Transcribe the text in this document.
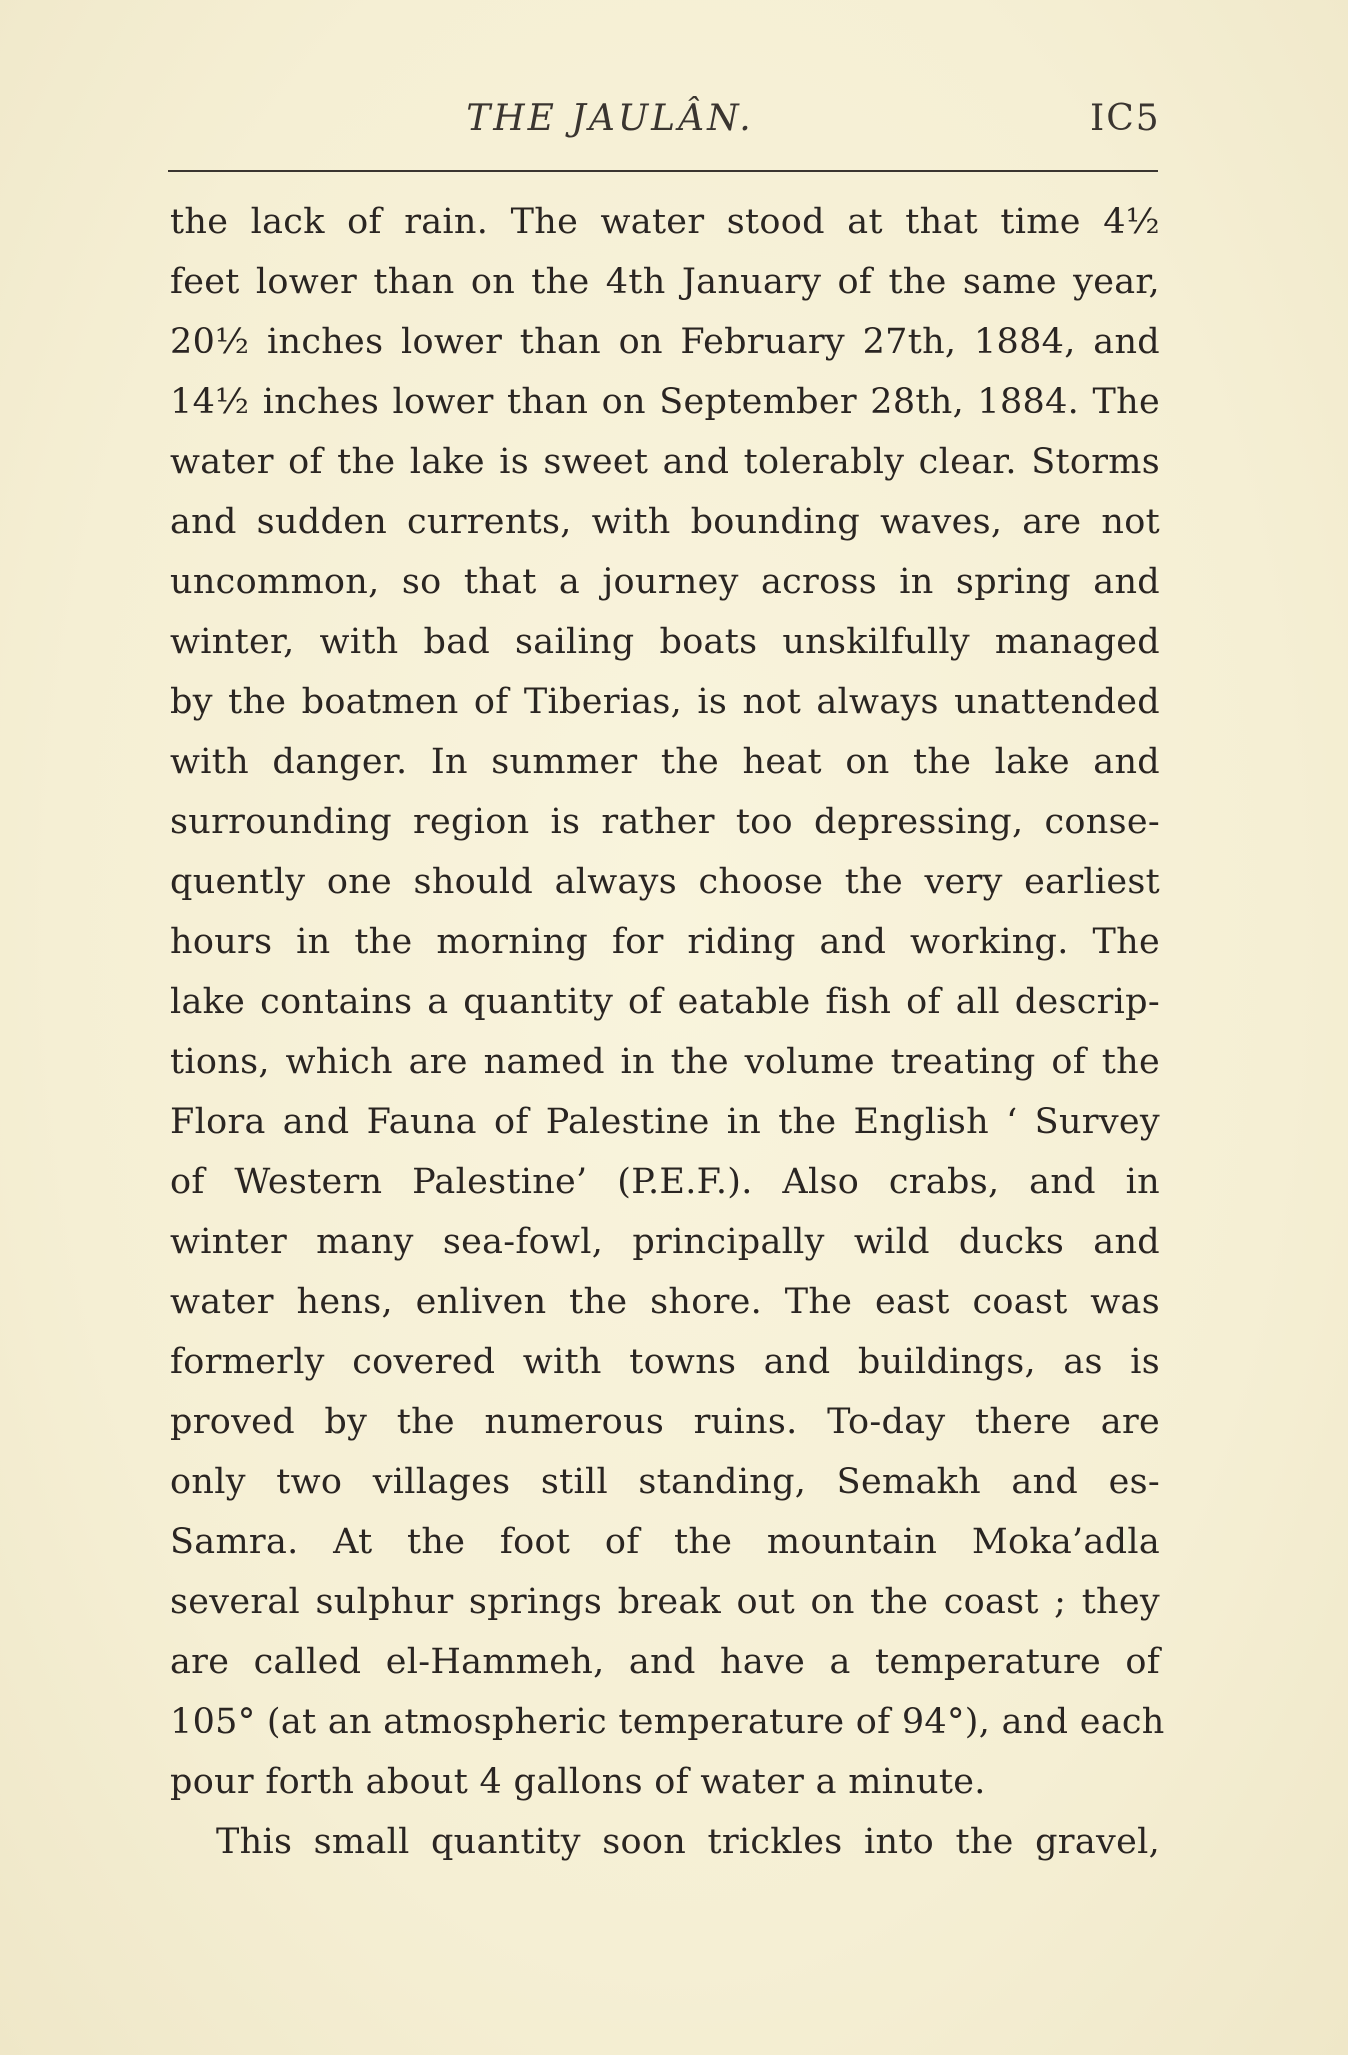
THE JAULÂN.	IC5
the lack of rain. The water stood at that time 4½
feet lower than on the 4th January of the same year,
20½ inches lower than on February 27th, 1884, and
14½ inches lower than on September 28th, 1884. The
water of the lake is sweet and tolerably clear. Storms
and sudden currents, with bounding waves, are not
uncommon, so that a journey across in spring and
winter, with bad sailing boats unskilfully managed
by the boatmen of Tiberias, is not always unattended
with danger. In summer the heat on the lake and
surrounding region is rather too depressing, conse-
quently one should always choose the very earliest
hours in the morning for riding and working. The
lake contains a quantity of eatable fish of all descrip-
tions, which are named in the volume treating of the
Flora and Fauna of Palestine in the English ‘ Survey
of Western Palestine’ (P.E.F.). Also crabs, and in
winter many sea-fowl, principally wild ducks and
water hens, enliven the shore. The east coast was
formerly covered with towns and buildings, as is
proved by the numerous ruins. To-day there are
only two villages still standing, Semakh and es-
Samra. At the foot of the mountain Moka’adla
several sulphur springs break out on the coast ; they
are called el-Hammeh, and have a temperature of
105° (at an atmospheric temperature of 94°), and each
pour forth about 4 gallons of water a minute.
This small quantity soon trickles into the gravel,
